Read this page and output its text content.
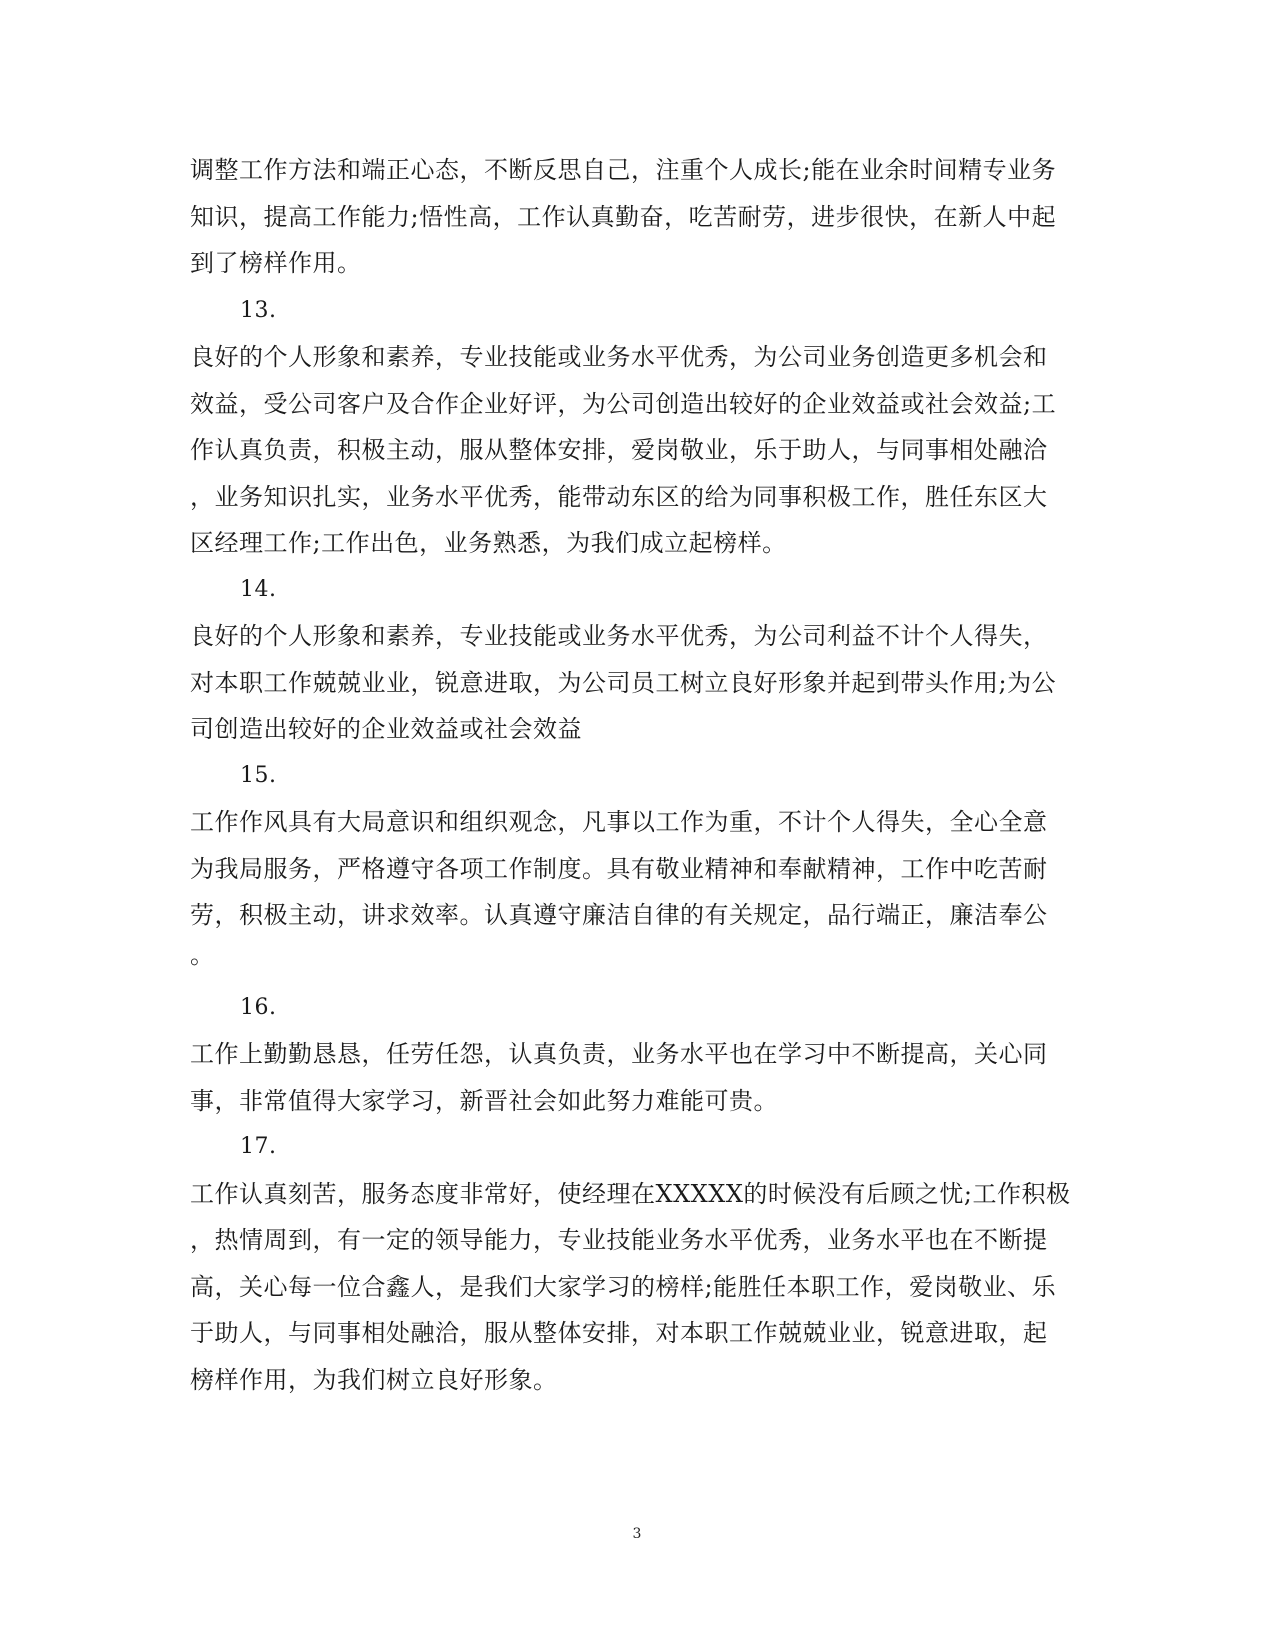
调整工作方法和端正心态，不断反思自己，注重个人成长;能在业余时间精专业务
知识，提高工作能力;悟性高，工作认真勤奋，吃苦耐劳，进步很快，在新人中起
到了榜样作用。
13.
良好的个人形象和素养，专业技能或业务水平优秀，为公司业务创造更多机会和
效益，受公司客户及合作企业好评，为公司创造出较好的企业效益或社会效益;工
作认真负责，积极主动，服从整体安排，爱岗敬业，乐于助人，与同事相处融洽
，业务知识扎实，业务水平优秀，能带动东区的给为同事积极工作，胜任东区大
区经理工作;工作出色，业务熟悉，为我们成立起榜样。
14.
良好的个人形象和素养，专业技能或业务水平优秀，为公司利益不计个人得失，
对本职工作兢兢业业，锐意进取，为公司员工树立良好形象并起到带头作用;为公
司创造出较好的企业效益或社会效益
15.
工作作风具有大局意识和组织观念，凡事以工作为重，不计个人得失，全心全意
为我局服务，严格遵守各项工作制度。具有敬业精神和奉献精神，工作中吃苦耐
劳，积极主动，讲求效率。认真遵守廉洁自律的有关规定，品行端正，廉洁奉公
。
16.
工作上勤勤恳恳，任劳任怨，认真负责，业务水平也在学习中不断提高，关心同
事，非常值得大家学习，新晋社会如此努力难能可贵。
17.
工作认真刻苦，服务态度非常好，使经理在XXXXX的时候没有后顾之忧;工作积极
，热情周到，有一定的领导能力，专业技能业务水平优秀，业务水平也在不断提
高，关心每一位合鑫人，是我们大家学习的榜样;能胜任本职工作，爱岗敬业、乐
于助人，与同事相处融洽，服从整体安排，对本职工作兢兢业业，锐意进取，起
榜样作用，为我们树立良好形象。
3
